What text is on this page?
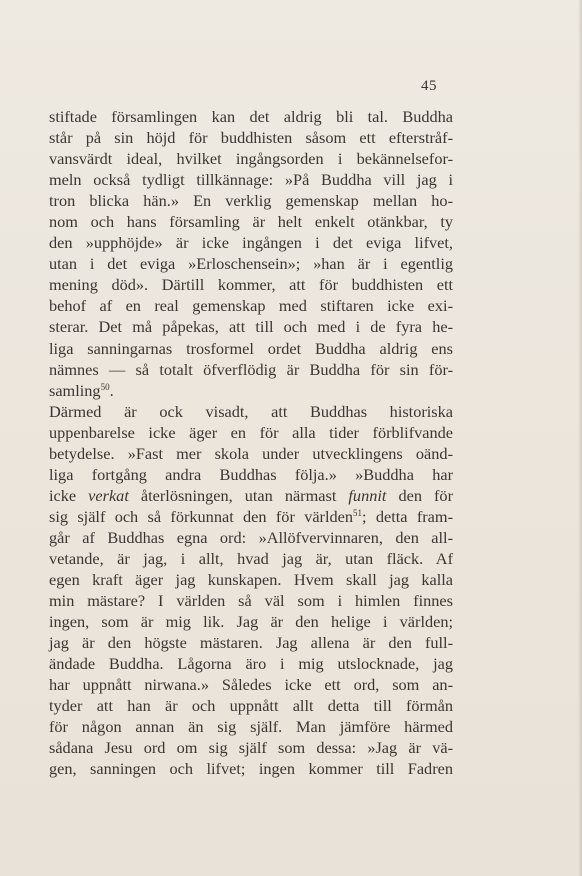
45
stiftade församlingen kan det aldrig bli tal. Buddha
står på sin höjd för buddhisten såsom ett efterstråf-
vansvärdt ideal, hvilket ingångsorden i bekännelsefor-
meln också tydligt tillkännage: »På Buddha vill jag i
tron blicka hän.» En verklig gemenskap mellan ho-
nom och hans församling är helt enkelt otänkbar, ty
den »upphöjde» är icke ingången i det eviga lifvet,
utan i det eviga »Erloschensein»; »han är i egentlig
mening död». Därtill kommer, att för buddhisten ett
behof af en real gemenskap med stiftaren icke exi-
sterar. Det må påpekas, att till och med i de fyra he-
liga sanningarnas trosformel ordet Buddha aldrig ens
nämnes — så totalt öfverflödig är Buddha för sin för-
samling$^{50}$.
Därmed är ock visadt, att Buddhas historiska
uppenbarelse icke äger en för alla tider förblifvande
betydelse. »Fast mer skola under utvecklingens oänd-
liga fortgång andra Buddhas följa.» »Buddha har
icke verkat återlösningen, utan närmast funnit den för
sig själf och så förkunnat den för världen$^{51}$; detta fram-
går af Buddhas egna ord: »Allöfvervinnaren, den all-
vetande, är jag, i allt, hvad jag är, utan fläck. Af
egen kraft äger jag kunskapen. Hvem skall jag kalla
min mästare? I världen så väl som i himlen finnes
ingen, som är mig lik. Jag är den helige i världen;
jag är den högste mästaren. Jag allena är den full-
ändade Buddha. Lågorna äro i mig utslocknade, jag
har uppnått nirwana.» Således icke ett ord, som an-
tyder att han är och uppnått allt detta till förmån
för någon annan än sig själf. Man jämföre härmed
sådana Jesu ord om sig själf som dessa: »Jag är vä-
gen, sanningen och lifvet; ingen kommer till Fadren
